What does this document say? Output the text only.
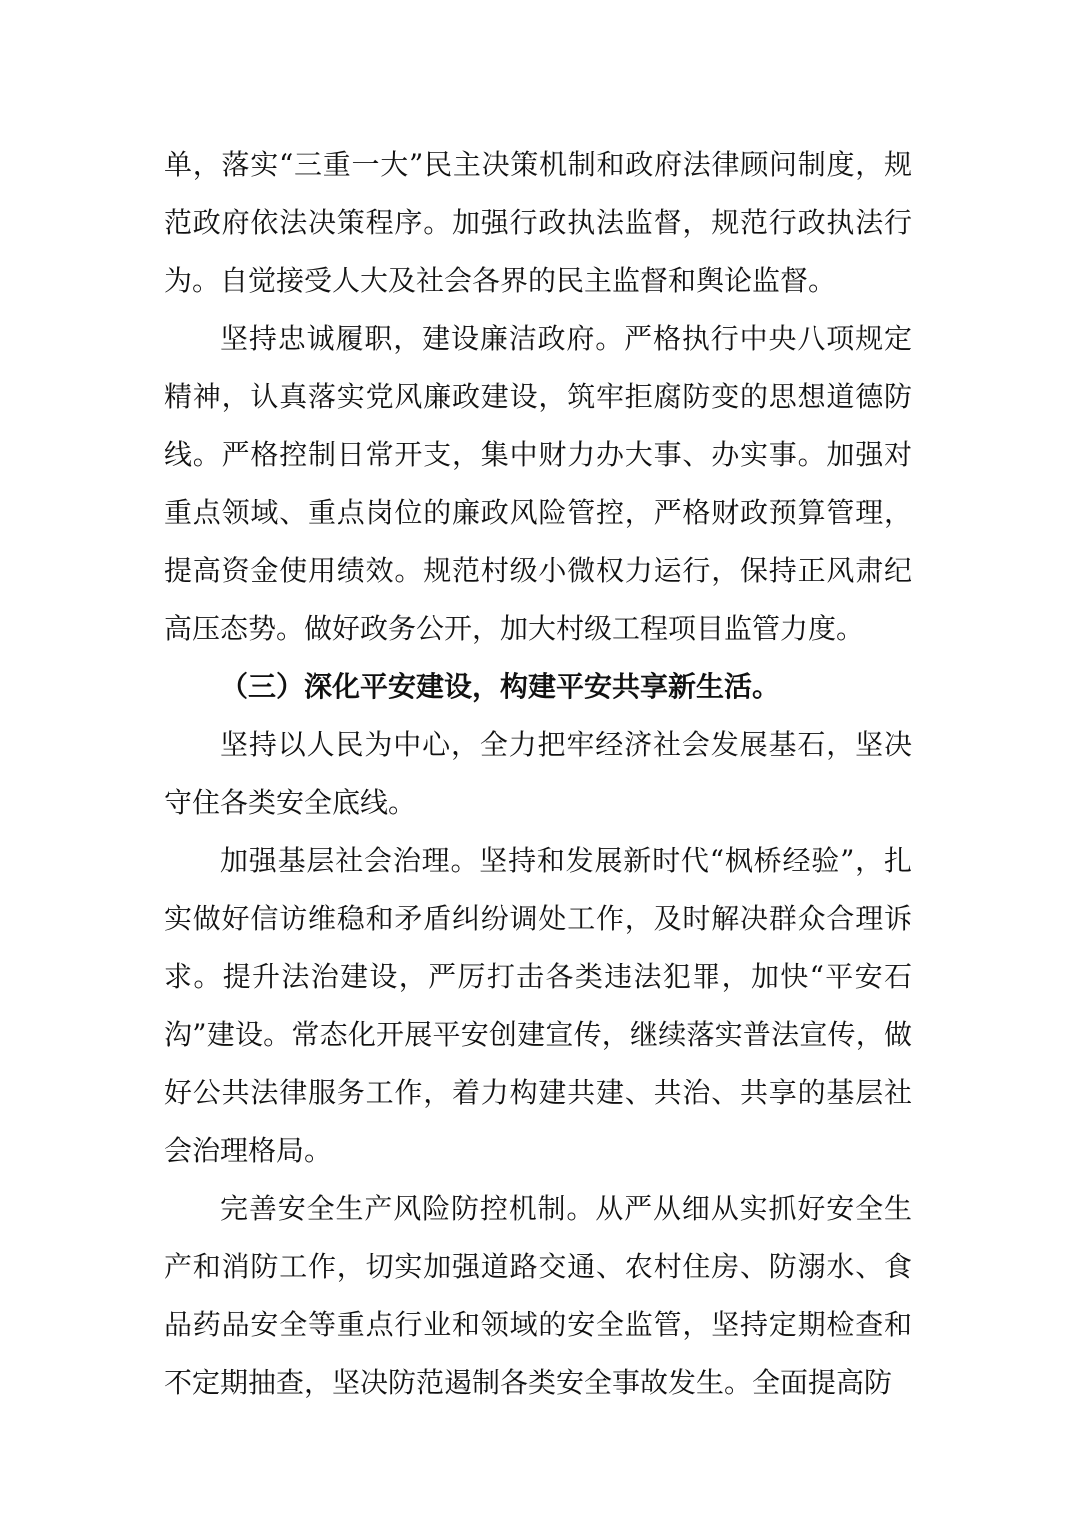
单，落实“三重一大”民主决策机制和政府法律顾问制度，规范政府依法决策程序。加强行政执法监督，规范行政执法行为。自觉接受人大及社会各界的民主监督和舆论监督。

坚持忠诚履职，建设廉洁政府。严格执行中央八项规定精神，认真落实党风廉政建设，筑牢拒腐防变的思想道德防线。严格控制日常开支，集中财力办大事、办实事。加强对重点领域、重点岗位的廉政风险管控，严格财政预算管理，提高资金使用绩效。规范村级小微权力运行，保持正风肃纪高压态势。做好政务公开，加大村级工程项目监管力度。

（三）深化平安建设，构建平安共享新生活。

坚持以人民为中心，全力把牢经济社会发展基石，坚决守住各类安全底线。

加强基层社会治理。坚持和发展新时代“枫桥经验”，扎实做好信访维稳和矛盾纠纷调处工作，及时解决群众合理诉求。提升法治建设，严厉打击各类违法犯罪，加快“平安石沟”建设。常态化开展平安创建宣传，继续落实普法宣传，做好公共法律服务工作，着力构建共建、共治、共享的基层社会治理格局。

完善安全生产风险防控机制。从严从细从实抓好安全生产和消防工作，切实加强道路交通、农村住房、防溺水、食品药品安全等重点行业和领域的安全监管，坚持定期检查和不定期抽查，坚决防范遏制各类安全事故发生。全面提高防
